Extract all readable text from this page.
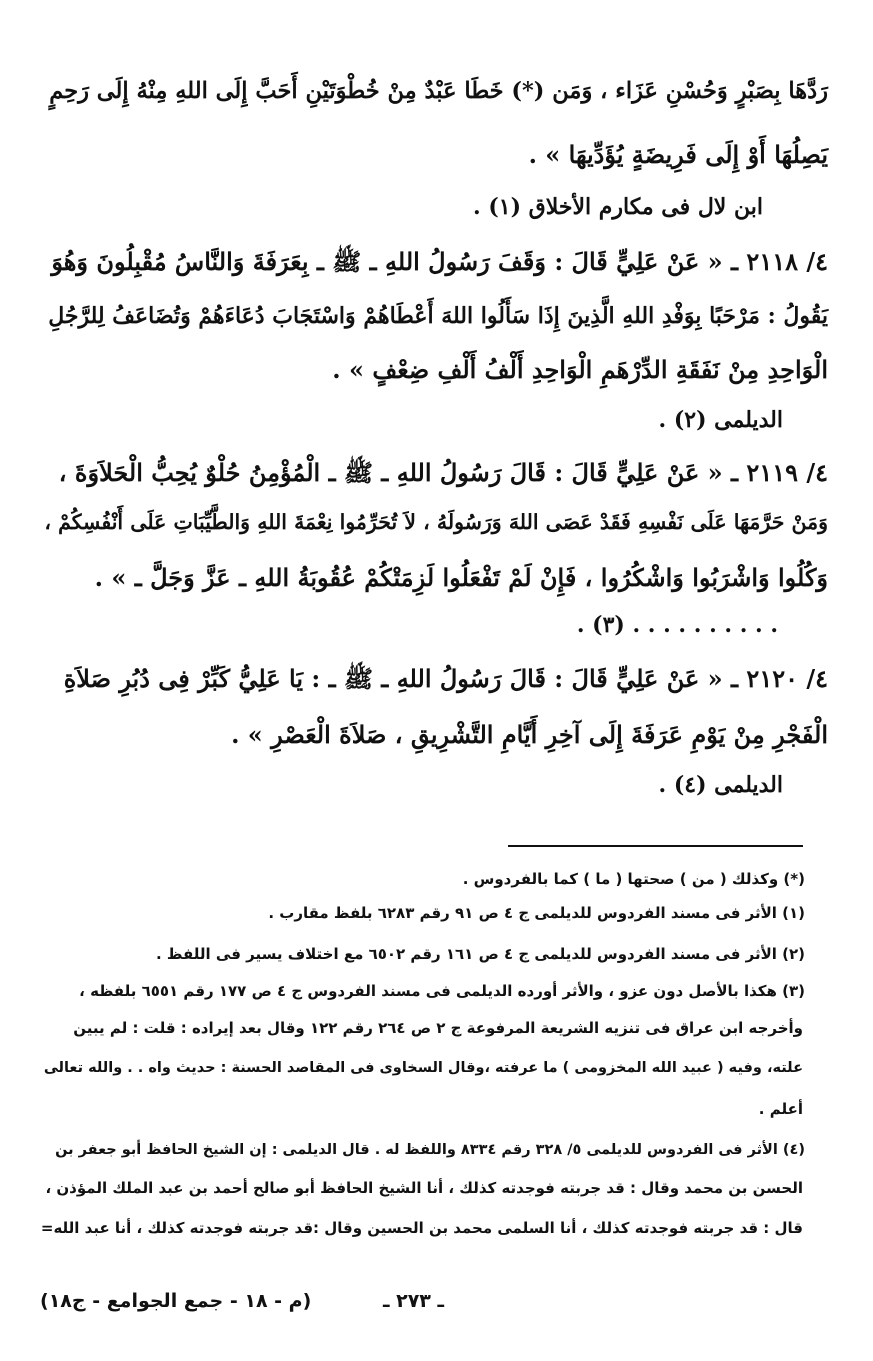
رَدَّهَا بِصَبْرٍ وَحُسْنِ عَزَاء ، وَمَن (*) خَطَا عَبْدٌ مِنْ خُطْوَتَيْنِ أَحَبَّ إِلَى اللهِ مِنْهُ إِلَى رَحِمٍ
يَصِلُهَا أَوْ إِلَى فَرِيضَةٍ يُؤَدِّيهَا » .
ابن لال فى مكارم الأخلاق (١) .
٤/ ٢١١٨ ـ « عَنْ عَلِيٍّ قَالَ : وَقَفَ رَسُولُ اللهِ ـ ﷺ ـ بِعَرَفَةَ وَالنَّاسُ مُقْبِلُونَ وَهُوَ
يَقُولُ : مَرْحَبًا بِوَفْدِ اللهِ الَّذِينَ إِذَا سَأَلُوا اللهَ أَعْطَاهُمْ وَاسْتَجَابَ دُعَاءَهُمْ وَتُضَاعَفُ لِلرَّجُلِ
الْوَاحِدِ مِنْ نَفَقَةِ الدِّرْهَمِ الْوَاحِدِ أَلْفُ أَلْفِ ضِعْفٍ » .
الديلمى (٢) .
٤/ ٢١١٩ ـ « عَنْ عَلِيٍّ قَالَ : قَالَ رَسُولُ اللهِ ـ ﷺ ـ الْمُؤْمِنُ حُلْوٌ يُحِبُّ الْحَلاَوَةَ ،
وَمَنْ حَرَّمَهَا عَلَى نَفْسِهِ فَقَدْ عَصَى اللهَ وَرَسُولَهُ ، لاَ تُحَرِّمُوا نِعْمَةَ اللهِ وَالطَّيِّبَاتِ عَلَى أَنْفُسِكُمْ ،
وَكُلُوا وَاشْرَبُوا وَاشْكُرُوا ، فَإِنْ لَمْ تَفْعَلُوا لَزِمَتْكُمْ عُقُوبَةُ اللهِ ـ عَزَّ وَجَلَّ ـ » .
. . . . . . . . . . (٣) .
٤/ ٢١٢٠ ـ « عَنْ عَلِيٍّ قَالَ : قَالَ رَسُولُ اللهِ ـ ﷺ ـ : يَا عَلِيُّ كَبِّرْ فِى دُبُرِ صَلاَةِ
الْفَجْرِ مِنْ يَوْمِ عَرَفَةَ إِلَى آخِرِ أَيَّامِ التَّشْرِيقِ ، صَلاَةَ الْعَصْرِ » .
الديلمى (٤) .
(*) وكذلك ( من ) صحتها ( ما ) كما بالفردوس .
(١) الأثر فى مسند الفردوس للديلمى ج ٤ ص ٩١ رقم ٦٢٨٣ بلفظ مقارب .
(٢) الأثر فى مسند الفردوس للديلمى ج ٤ ص ١٦١ رقم ٦٥٠٢ مع اختلاف يسير فى اللفظ .
(٣) هكذا بالأصل دون عزو ، والأثر أورده الديلمى فى مسند الفردوس ج ٤ ص ١٧٧ رقم ٦٥٥١ بلفظه ،
وأخرجه ابن عراق فى تنزيه الشريعة المرفوعة ج ٢ ص ٢٦٤ رقم ١٢٢ وقال بعد إيراده : قلت : لم يبين
علته، وفيه ( عبيد الله المخزومى ) ما عرفته ،وقال السخاوى فى المقاصد الحسنة : حديث واه . . والله تعالى
أعلم .
(٤) الأثر فى الفردوس للديلمى ٥/ ٣٢٨ رقم ٨٣٣٤ واللفظ له . قال الديلمى : إن الشيخ الحافظ أبو جعفر بن
الحسن بن محمد وقال : قد جربته فوجدته كذلك ، أنا الشيخ الحافظ أبو صالح أحمد بن عبد الملك المؤذن ،
قال : قد جربته فوجدته كذلك ، أنا السلمى محمد بن الحسين وقال :قد جربته فوجدته كذلك ، أنا عبد الله=
ـ ٢٧٣ ـ
(م - ١٨ - جمع الجوامع - ج١٨)
